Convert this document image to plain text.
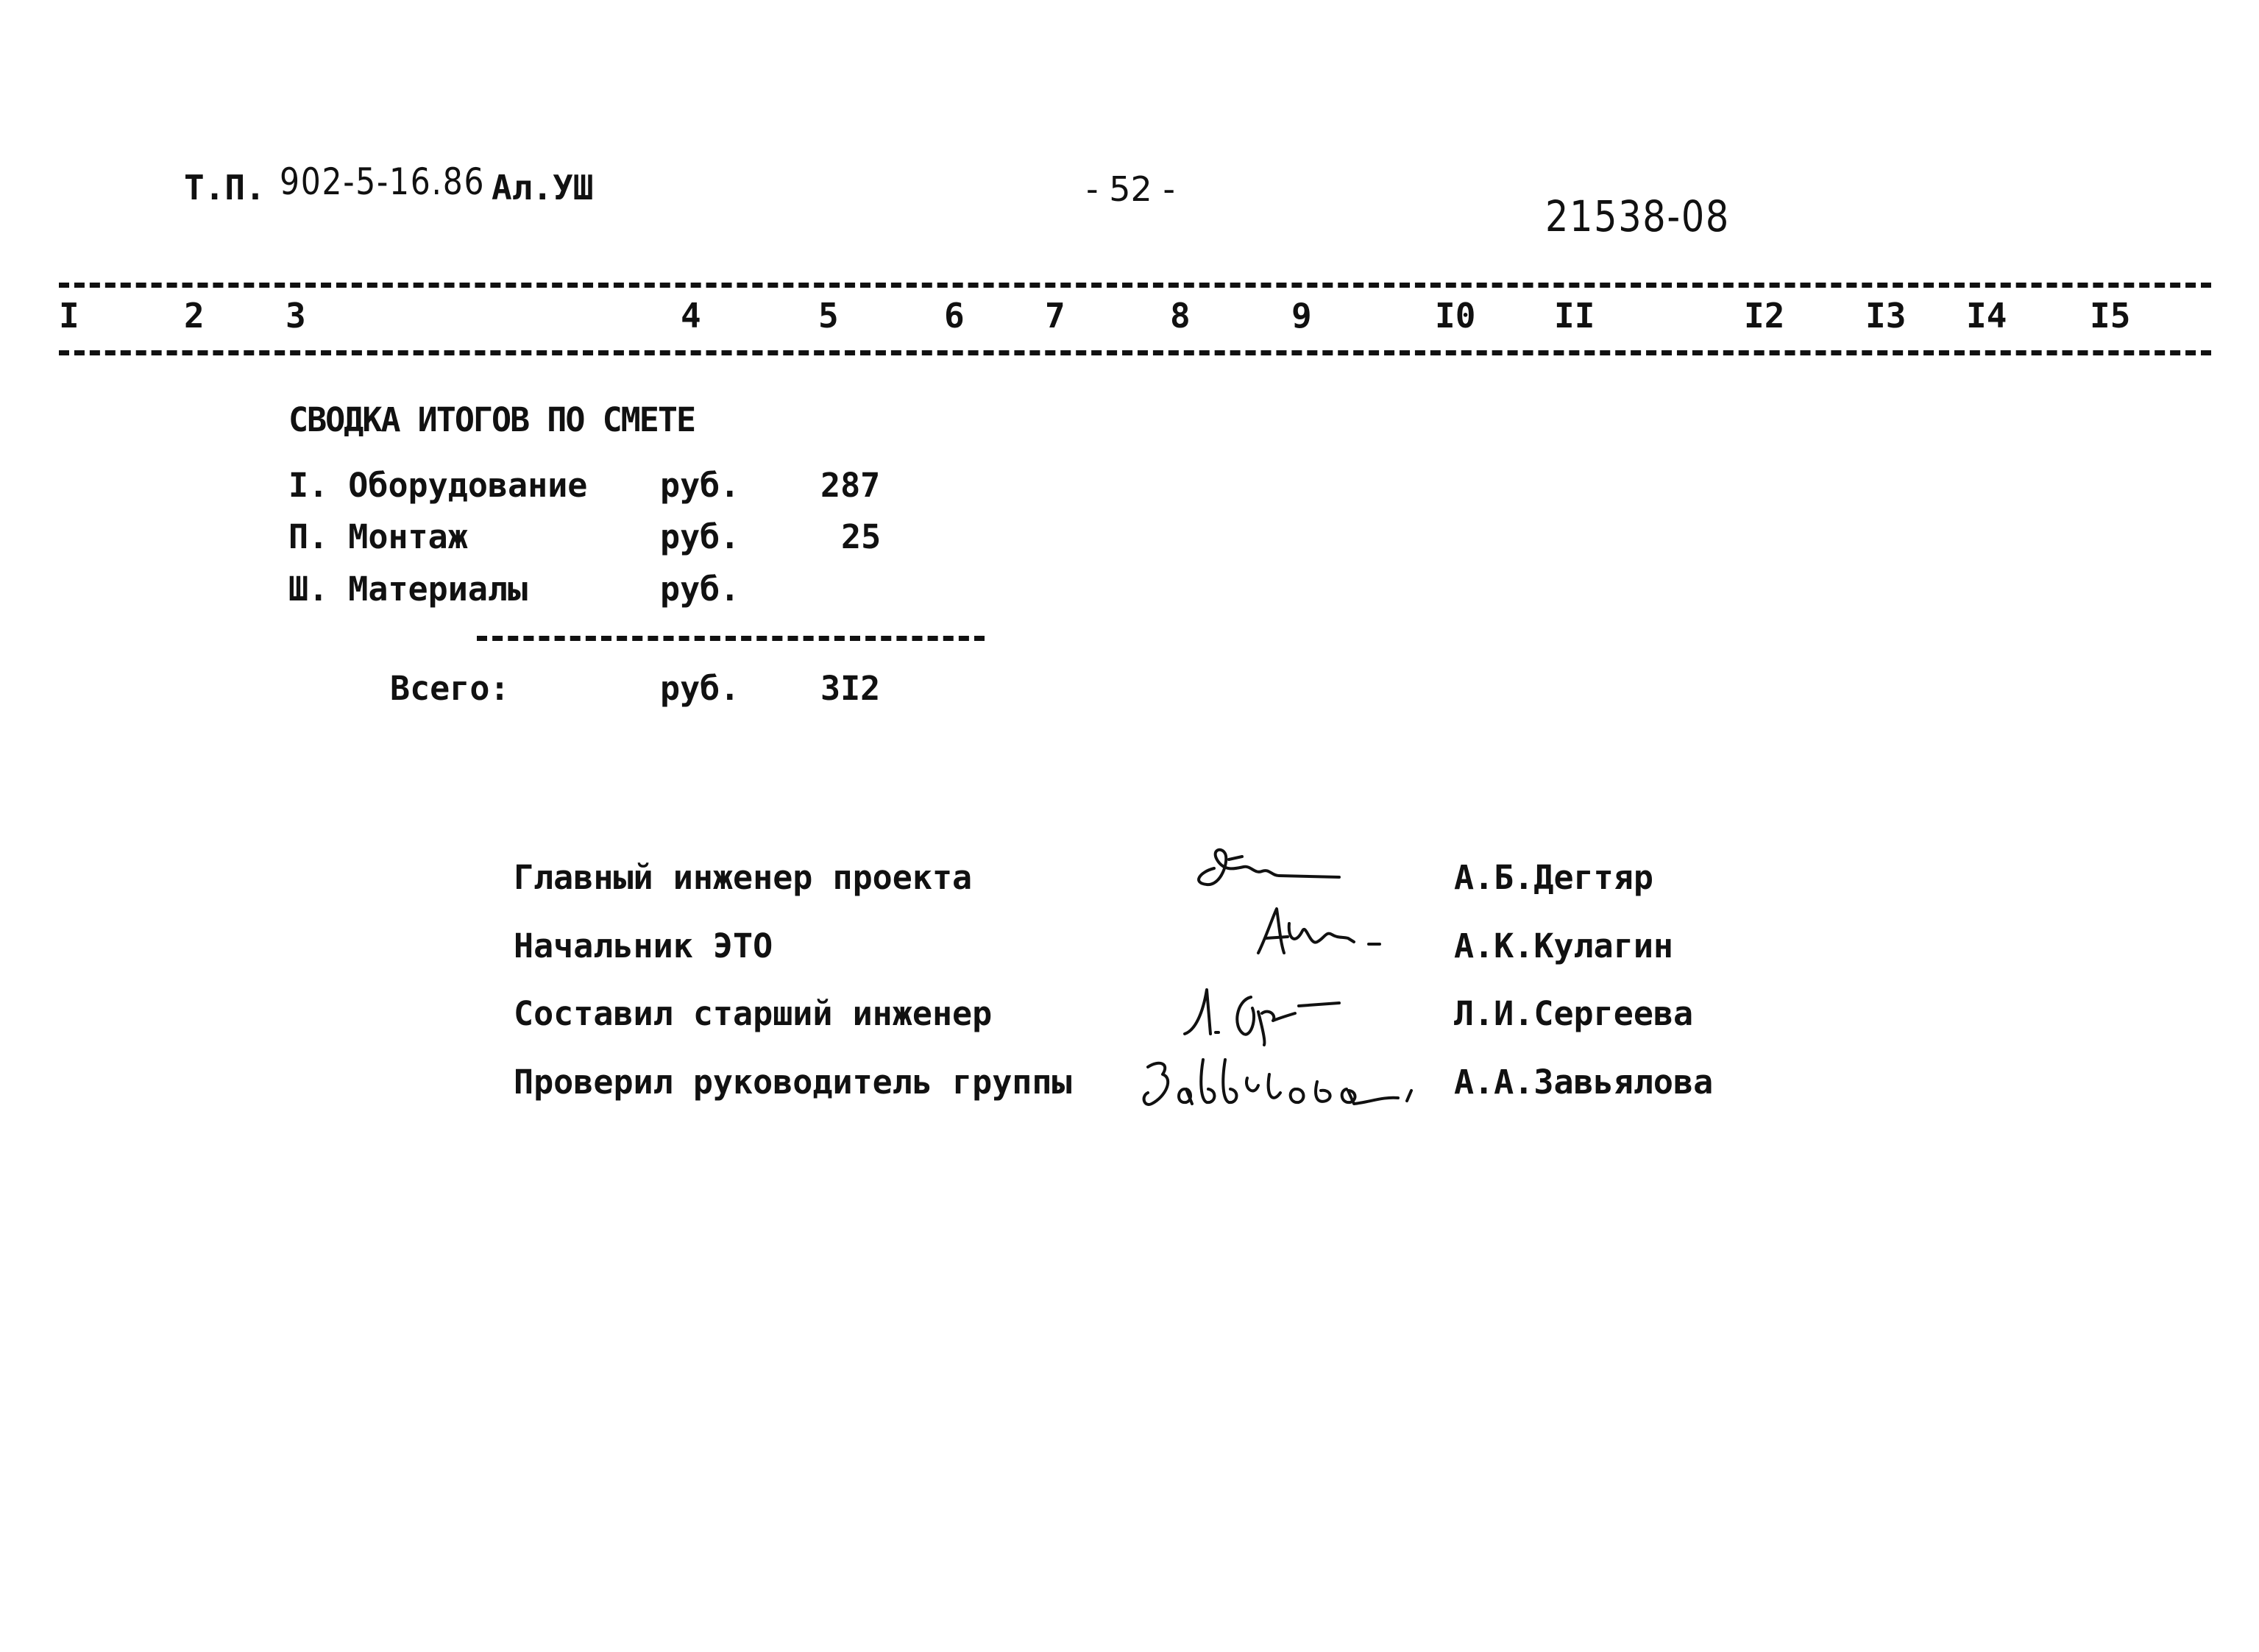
Т.П. 902-5-16.86 Ал.УШ	- 52 -
21538-08
I	2 3	4	5	6 7	8	9	I0 II	I2 I3 I4 I5
СВОДКА ИТОГОВ ПО СМЕТЕ
I. Оборудование руб. 287
П. Монтаж	руб.	25
Ш. Материалы	руб.
Всего:	руб. 3I2
Главный инженер проекта	А.Б.Дегтяр
Начальник ЭТО	А.К.Кулагин
Составил старший инженер	Л.И.Сергеева
Проверил руководитель группы	А.А.Завьялова
